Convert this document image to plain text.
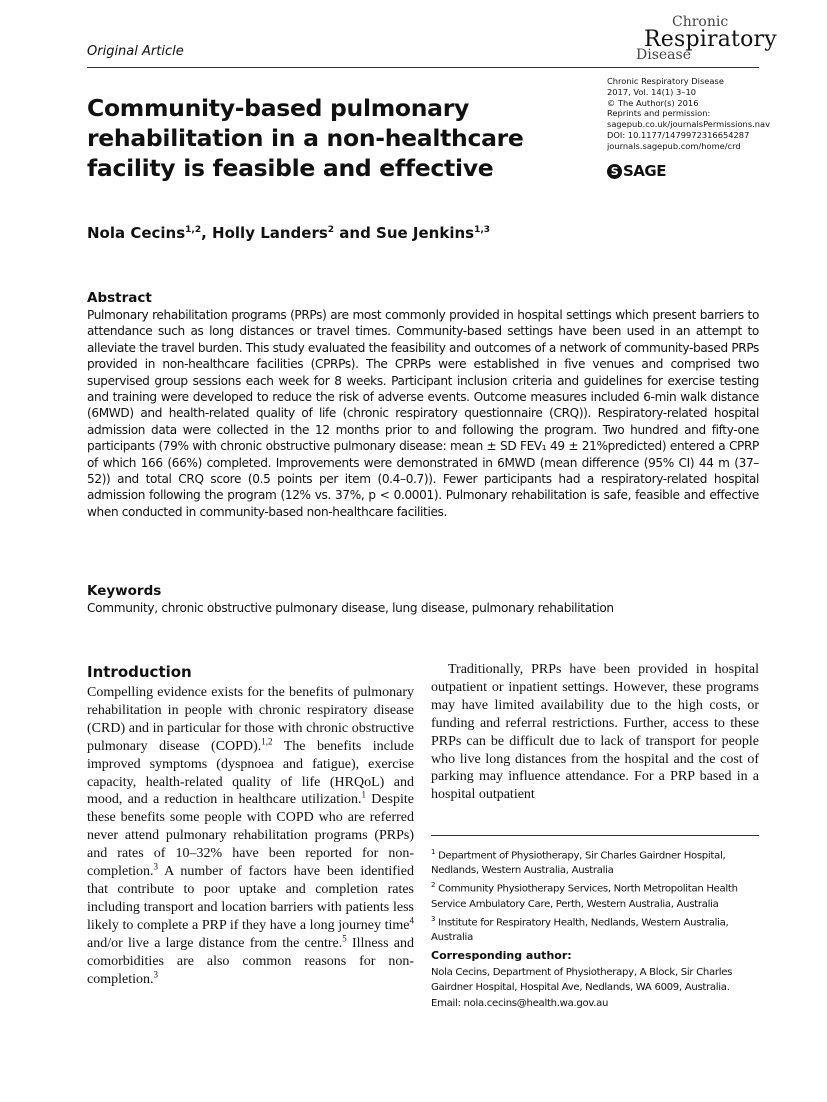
Original Article
Chronic
Respiratory
Disease
Chronic Respiratory Disease
2017, Vol. 14(1) 3–10
© The Author(s) 2016
Reprints and permission:
sagepub.co.uk/journalsPermissions.nav
DOI: 10.1177/1479972316654287
journals.sagepub.com/home/crd
S SAGE
Community-based pulmonary rehabilitation in a non-healthcare facility is feasible and effective
Nola Cecins$^{1,2}$, Holly Landers$^2$ and Sue Jenkins$^{1,3}$
Abstract
Pulmonary rehabilitation programs (PRPs) are most commonly provided in hospital settings which present barriers to attendance such as long distances or travel times. Community-based settings have been used in an attempt to alleviate the travel burden. This study evaluated the feasibility and outcomes of a network of community-based PRPs provided in non-healthcare facilities (CPRPs). The CPRPs were established in five venues and comprised two supervised group sessions each week for 8 weeks. Participant inclusion criteria and guidelines for exercise testing and training were developed to reduce the risk of adverse events. Outcome measures included 6-min walk distance (6MWD) and health-related quality of life (chronic respiratory questionnaire (CRQ)). Respiratory-related hospital admission data were collected in the 12 months prior to and following the program. Two hundred and fifty-one participants (79% with chronic obstructive pulmonary disease: mean ± SD FEV₁ 49 ± 21%predicted) entered a CPRP of which 166 (66%) completed. Improvements were demonstrated in 6MWD (mean difference (95% CI) 44 m (37–52)) and total CRQ score (0.5 points per item (0.4–0.7)). Fewer participants had a respiratory-related hospital admission following the program (12% vs. 37%, p < 0.0001). Pulmonary rehabilitation is safe, feasible and effective when conducted in community-based non-healthcare facilities.
Keywords
Community, chronic obstructive pulmonary disease, lung disease, pulmonary rehabilitation
Introduction

Compelling evidence exists for the benefits of pulmonary rehabilitation in people with chronic respiratory disease (CRD) and in particular for those with chronic obstructive pulmonary disease (COPD).$^{1,2}$ The benefits include improved symptoms (dyspnoea and fatigue), exercise capacity, health-related quality of life (HRQoL) and mood, and a reduction in healthcare utilization.$^1$ Despite these benefits some people with COPD who are referred never attend pulmonary rehabilitation programs (PRPs) and rates of 10–32% have been reported for non-completion.$^3$ A number of factors have been identified that contribute to poor uptake and completion rates including transport and location barriers with patients less likely to complete a PRP if they have a long journey time$^4$ and/or live a large distance from the centre.$^5$ Illness and comorbidities are also common reasons for non-completion.$^3$

Traditionally, PRPs have been provided in hospital outpatient or inpatient settings. However, these programs may have limited availability due to the high costs, or funding and referral restrictions. Further, access to these PRPs can be difficult due to lack of transport for people who live long distances from the hospital and the cost of parking may influence attendance. For a PRP based in a hospital outpatient

$^1$ Department of Physiotherapy, Sir Charles Gairdner Hospital, Nedlands, Western Australia, Australia
$^2$ Community Physiotherapy Services, North Metropolitan Health Service Ambulatory Care, Perth, Western Australia, Australia
$^3$ Institute for Respiratory Health, Nedlands, Western Australia, Australia
Corresponding author:
Nola Cecins, Department of Physiotherapy, A Block, Sir Charles Gairdner Hospital, Hospital Ave, Nedlands, WA 6009, Australia.
Email: nola.cecins@health.wa.gov.au
